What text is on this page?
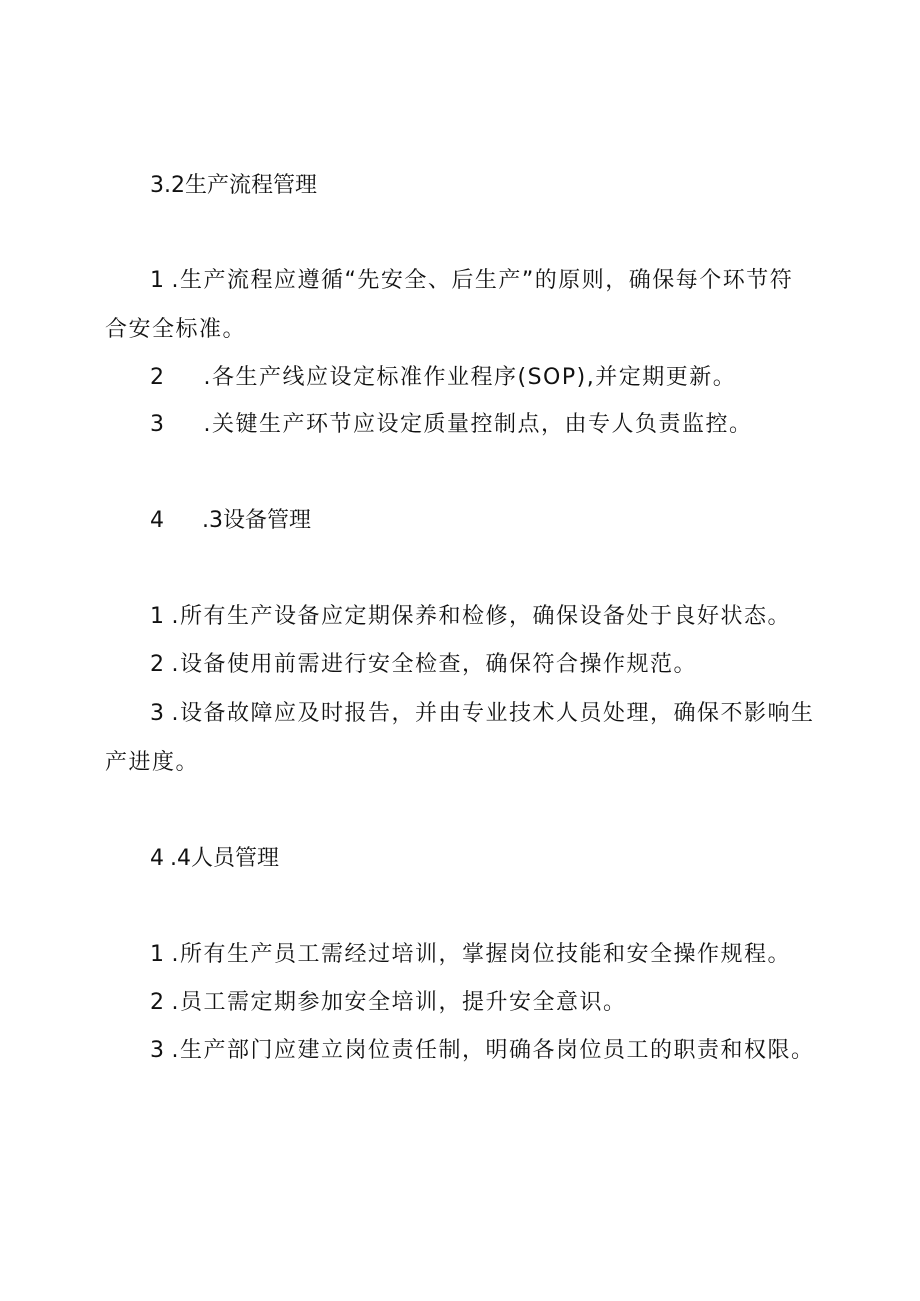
3.2生产流程管理
1 .生产流程应遵循“先安全、后生产”的原则，确保每个环节符
合安全标准。
2 .各生产线应设定标准作业程序(SOP),并定期更新。
3 .关键生产环节应设定质量控制点，由专人负责监控。
4 .3设备管理
1 .所有生产设备应定期保养和检修，确保设备处于良好状态。
2 .设备使用前需进行安全检查，确保符合操作规范。
3 .设备故障应及时报告，并由专业技术人员处理，确保不影响生
产进度。
4 .4人员管理
1 .所有生产员工需经过培训，掌握岗位技能和安全操作规程。
2 .员工需定期参加安全培训，提升安全意识。
3 .生产部门应建立岗位责任制，明确各岗位员工的职责和权限。
